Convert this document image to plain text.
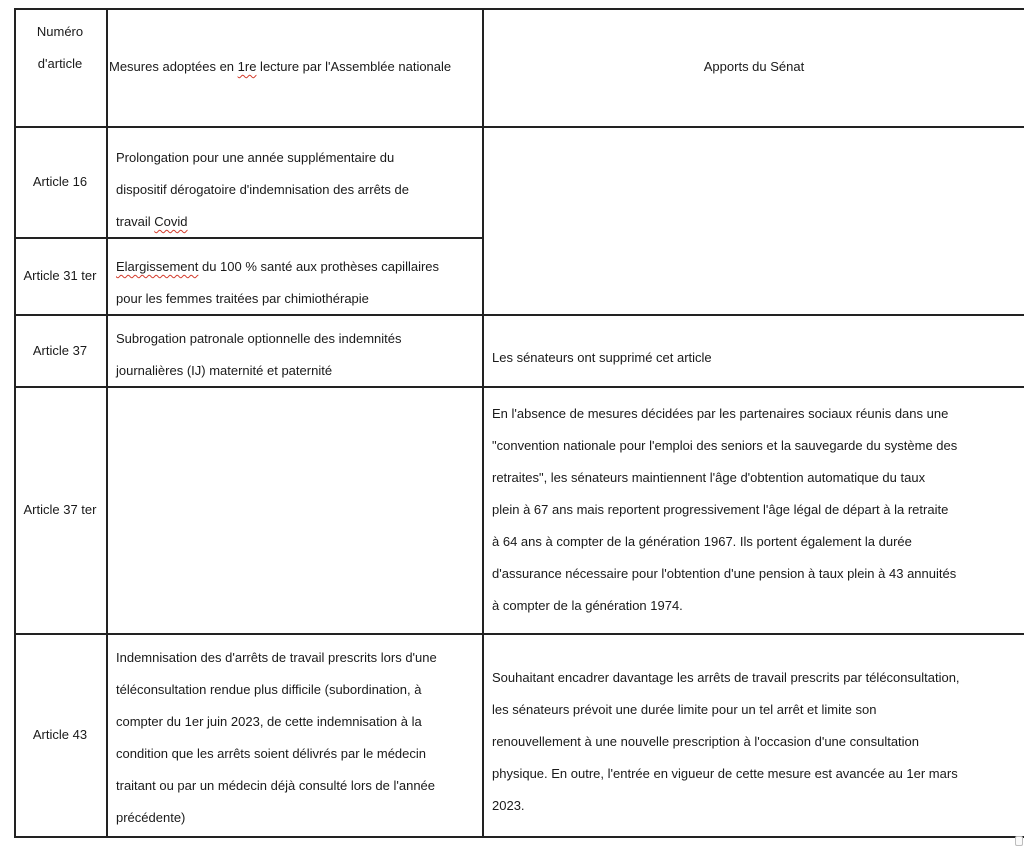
Numéro
d'article	Mesures adoptées en 1re lecture par l'Assemblée nationale	Apports du Sénat
Article 16
Prolongation pour une année supplémentaire du
dispositif dérogatoire d'indemnisation des arrêts de
travail Covid
Article 31 ter
Elargissement du 100 % santé aux prothèses capillaires
pour les femmes traitées par chimiothérapie
Article 37
Subrogation patronale optionnelle des indemnités
journalières (IJ) maternité et paternité
Les sénateurs ont supprimé cet article
Article 37 ter
En l'absence de mesures décidées par les partenaires sociaux réunis dans une
"convention nationale pour l'emploi des seniors et la sauvegarde du système des
retraites", les sénateurs maintiennent l'âge d'obtention automatique du taux
plein à 67 ans mais reportent progressivement l'âge légal de départ à la retraite
à 64 ans à compter de la génération 1967. Ils portent également la durée
d'assurance nécessaire pour l'obtention d'une pension à taux plein à 43 annuités
à compter de la génération 1974.
Article 43
Indemnisation des d'arrêts de travail prescrits lors d'une
téléconsultation rendue plus difficile (subordination, à
compter du 1er juin 2023, de cette indemnisation à la
condition que les arrêts soient délivrés par le médecin
traitant ou par un médecin déjà consulté lors de l'année
précédente)
Souhaitant encadrer davantage les arrêts de travail prescrits par téléconsultation,
les sénateurs prévoit une durée limite pour un tel arrêt et limite son
renouvellement à une nouvelle prescription à l'occasion d'une consultation
physique. En outre, l'entrée en vigueur de cette mesure est avancée au 1er mars
2023.
